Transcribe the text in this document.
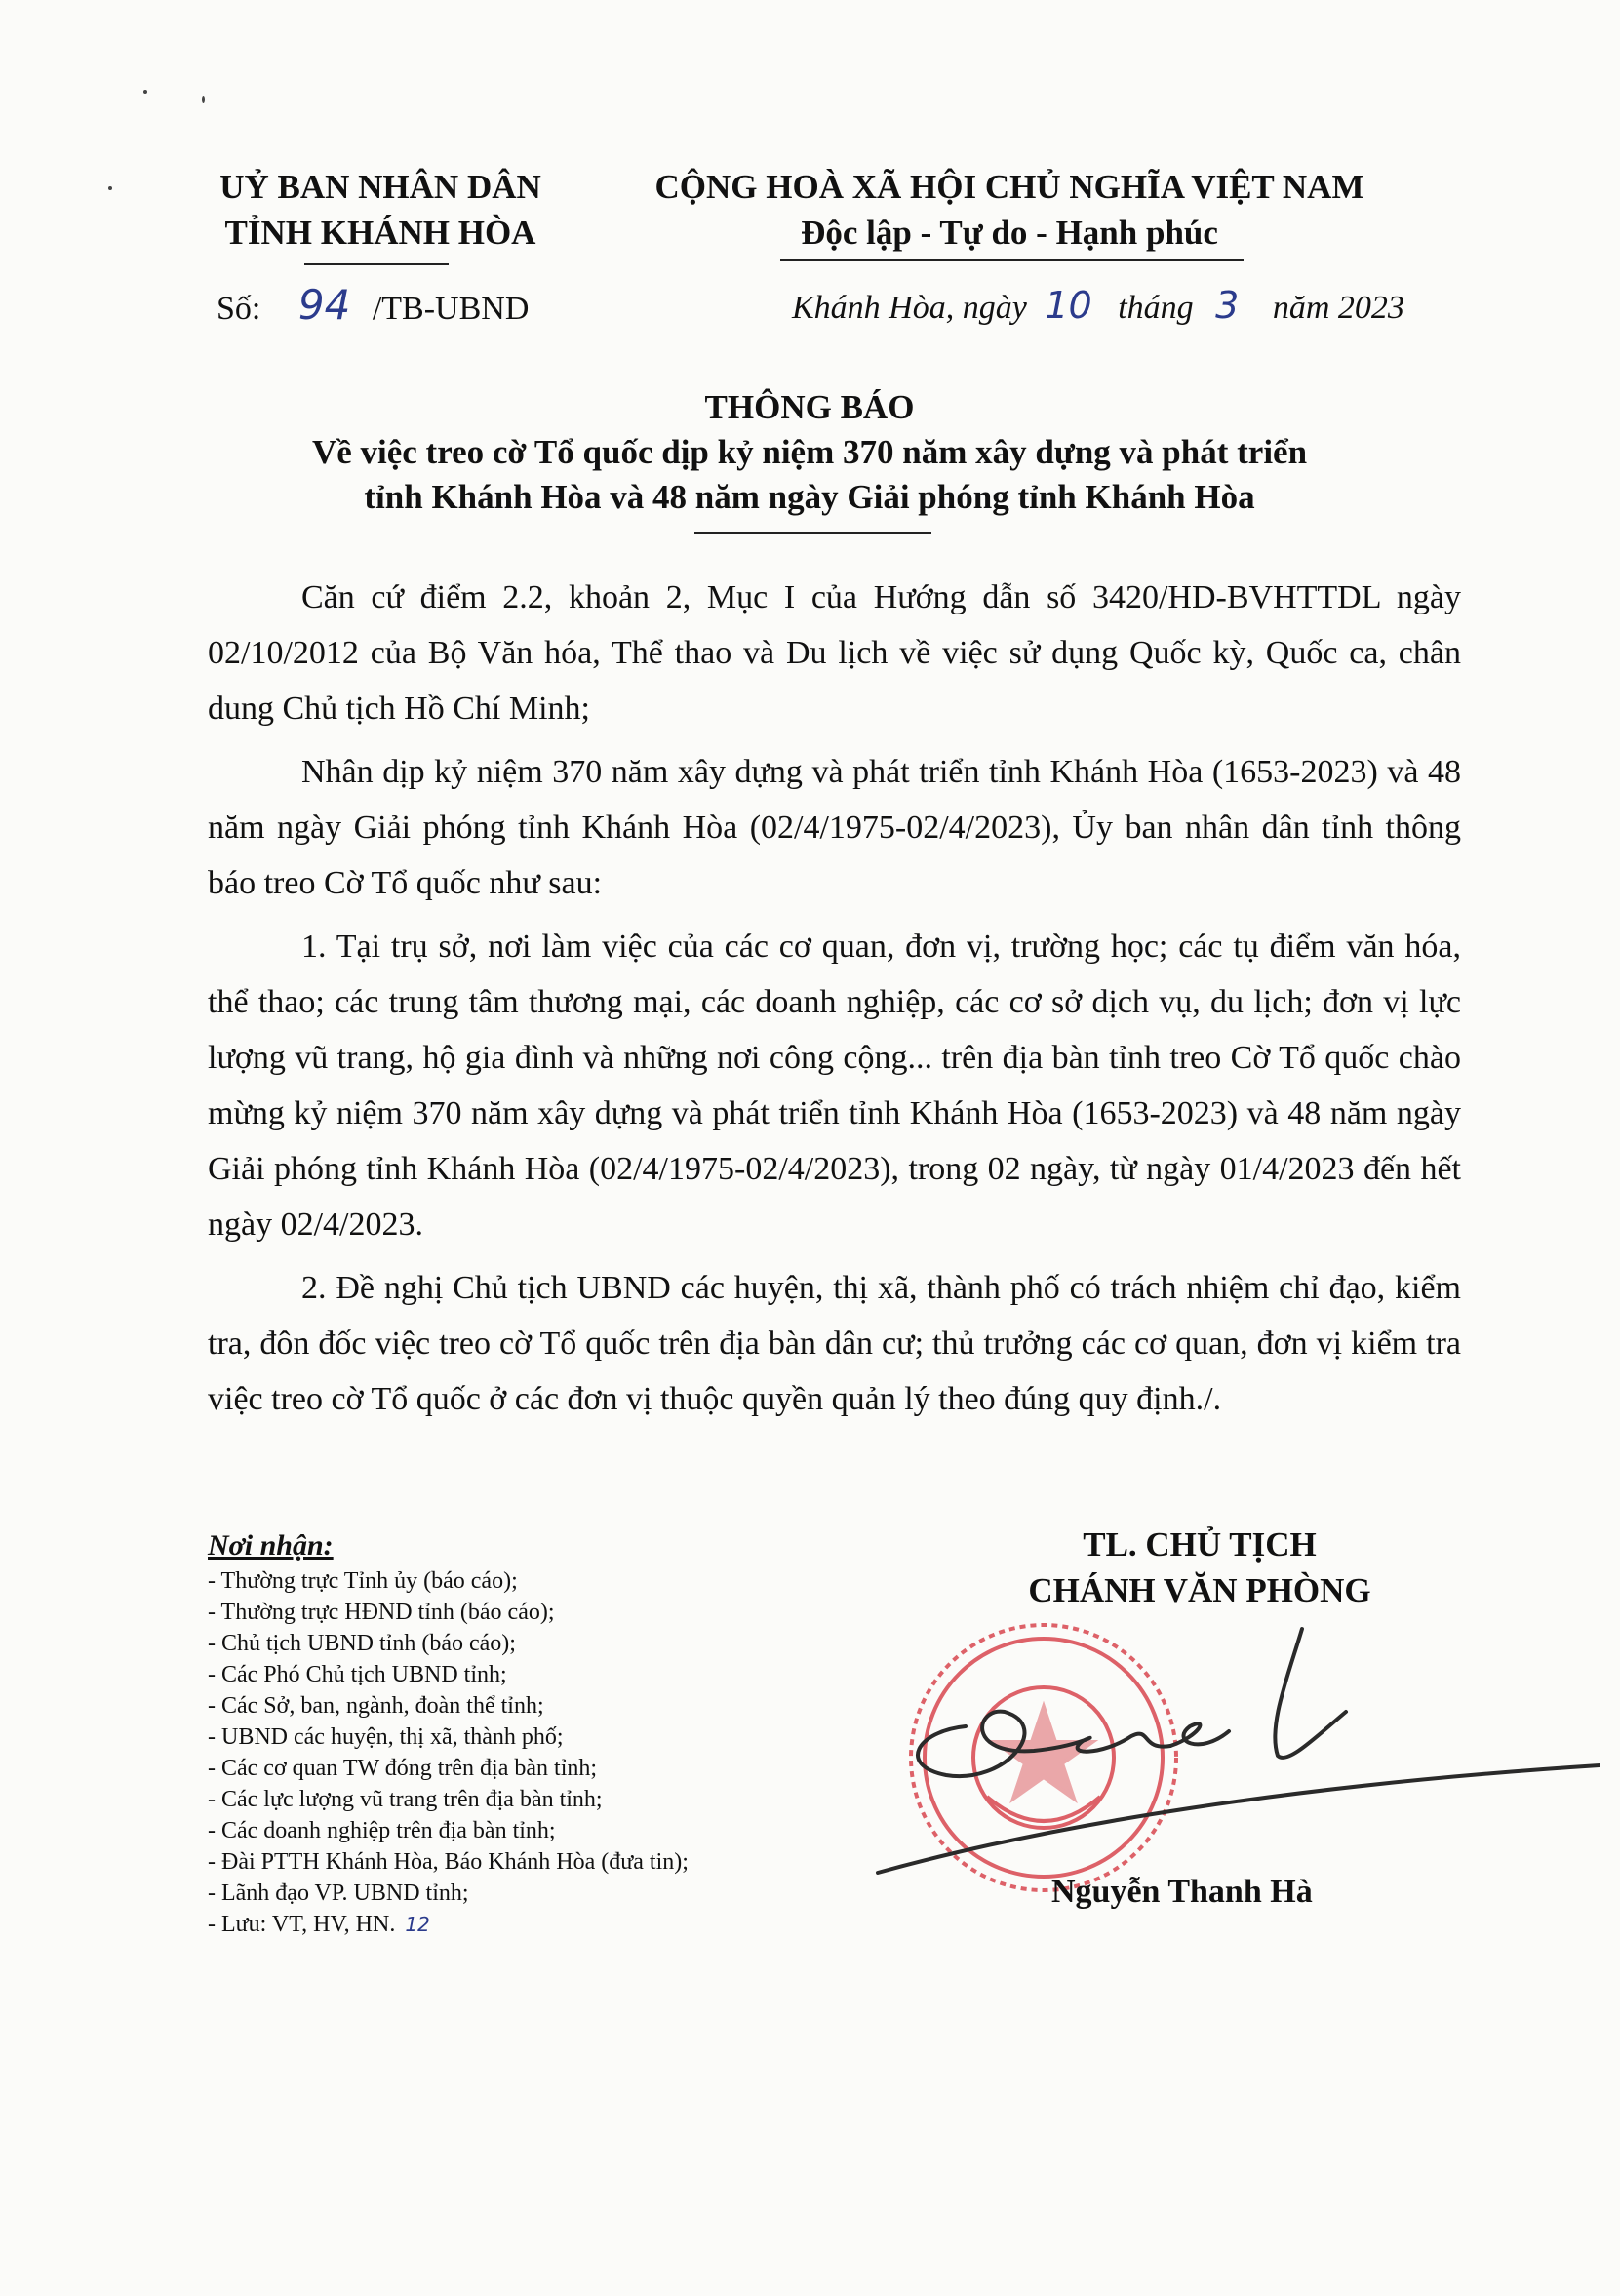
UỶ BAN NHÂN DÂN
TỈNH KHÁNH HÒA
CỘNG HOÀ XÃ HỘI CHỦ NGHĨA VIỆT NAM
Độc lập - Tự do - Hạnh phúc
Số: 94 /TB-UBND	Khánh Hòa, ngày 10 tháng 3 năm 2023
THÔNG BÁO
Về việc treo cờ Tổ quốc dịp kỷ niệm 370 năm xây dựng và phát triển
tỉnh Khánh Hòa và 48 năm ngày Giải phóng tỉnh Khánh Hòa

Căn cứ điểm 2.2, khoản 2, Mục I của Hướng dẫn số 3420/HD-BVHTTDL ngày 02/10/2012 của Bộ Văn hóa, Thể thao và Du lịch về việc sử dụng Quốc kỳ, Quốc ca, chân dung Chủ tịch Hồ Chí Minh;

Nhân dịp kỷ niệm 370 năm xây dựng và phát triển tỉnh Khánh Hòa (1653-2023) và 48 năm ngày Giải phóng tỉnh Khánh Hòa (02/4/1975-02/4/2023), Ủy ban nhân dân tỉnh thông báo treo Cờ Tổ quốc như sau:

1. Tại trụ sở, nơi làm việc của các cơ quan, đơn vị, trường học; các tụ điểm văn hóa, thể thao; các trung tâm thương mại, các doanh nghiệp, các cơ sở dịch vụ, du lịch; đơn vị lực lượng vũ trang, hộ gia đình và những nơi công cộng... trên địa bàn tỉnh treo Cờ Tổ quốc chào mừng kỷ niệm 370 năm xây dựng và phát triển tỉnh Khánh Hòa (1653-2023) và 48 năm ngày Giải phóng tỉnh Khánh Hòa (02/4/1975-02/4/2023), trong 02 ngày, từ ngày 01/4/2023 đến hết ngày 02/4/2023.

2. Đề nghị Chủ tịch UBND các huyện, thị xã, thành phố có trách nhiệm chỉ đạo, kiểm tra, đôn đốc việc treo cờ Tổ quốc trên địa bàn dân cư; thủ trưởng các cơ quan, đơn vị kiểm tra việc treo cờ Tổ quốc ở các đơn vị thuộc quyền quản lý theo đúng quy định./.

Nơi nhận:
- Thường trực Tỉnh ủy (báo cáo);
- Thường trực HĐND tỉnh (báo cáo);
- Chủ tịch UBND tỉnh (báo cáo);
- Các Phó Chủ tịch UBND tỉnh;
- Các Sở, ban, ngành, đoàn thể tỉnh;
- UBND các huyện, thị xã, thành phố;
- Các cơ quan TW đóng trên địa bàn tỉnh;
- Các lực lượng vũ trang trên địa bàn tỉnh;
- Các doanh nghiệp trên địa bàn tỉnh;
- Đài PTTH Khánh Hòa, Báo Khánh Hòa (đưa tin);
- Lãnh đạo VP. UBND tỉnh;
- Lưu: VT, HV, HN. 12
TL. CHỦ TỊCH
CHÁNH VĂN PHÒNG
Nguyễn Thanh Hà
